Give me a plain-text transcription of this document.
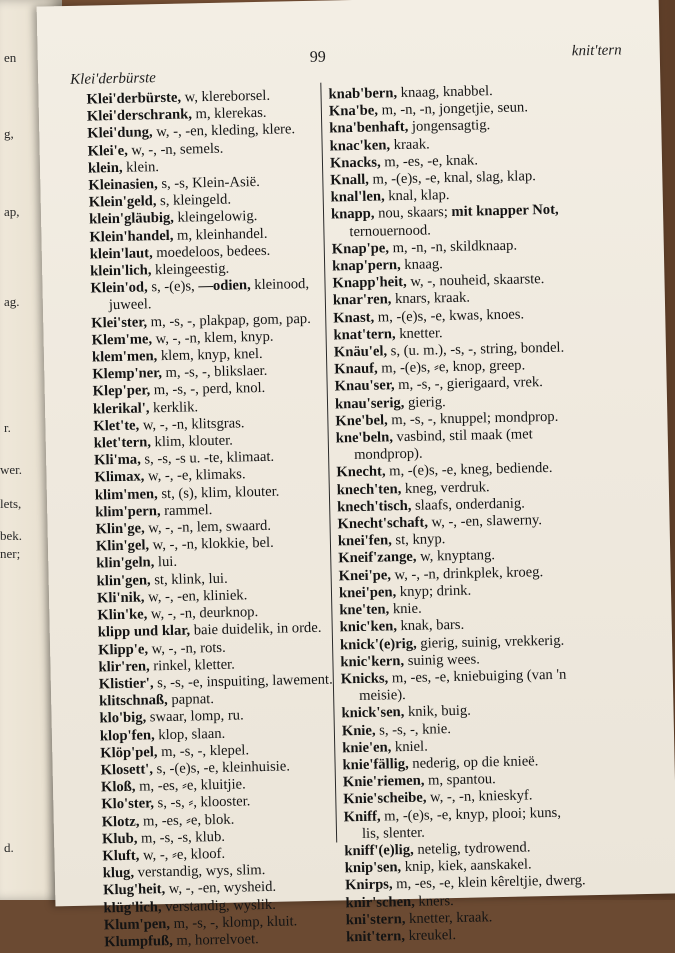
en
g,
ap,
ag.
r.
wer.
lets,
bek.
ner;
d.
99
Klei'derbürste
knit'tern
Klei'derbürste, w, klereborsel.
Klei'derschrank, m, klerekas.
Klei'dung, w, -, -en, kleding, klere.
Klei'e, w, -, -n, semels.
klein, klein.
Kleinasien, s, -s, Klein-Asië.
Klein'geld, s, kleingeld.
klein'gläubig, kleingelowig.
Klein'handel, m, kleinhandel.
klein'laut, moedeloos, bedees.
klein'lich, kleingeestig.
Klein'od, s, -(e)s, —odien, kleinood,
juweel.
Klei'ster, m, -s, -, plakpap, gom, pap.
Klem'me, w, -, -n, klem, knyp.
klem'men, klem, knyp, knel.
Klemp'ner, m, -s, -, blikslaer.
Klep'per, m, -s, -, perd, knol.
klerikal', kerklik.
Klet'te, w, -, -n, klitsgras.
klet'tern, klim, klouter.
Kli'ma, s, -s, -s u. -te, klimaat.
Klimax, w, -, -e, klimaks.
klim'men, st, (s), klim, klouter.
klim'pern, rammel.
Klin'ge, w, -, -n, lem, swaard.
Klin'gel, w, -, -n, klokkie, bel.
klin'geln, lui.
klin'gen, st, klink, lui.
Kli'nik, w, -, -en, kliniek.
Klin'ke, w, -, -n, deurknop.
klipp und klar, baie duidelik, in orde.
Klipp'e, w, -, -n, rots.
klir'ren, rinkel, kletter.
Klistier', s, -s, -e, inspuiting, lawement.
klitschnaß, papnat.
klo'big, swaar, lomp, ru.
klop'fen, klop, slaan.
Klöp'pel, m, -s, -, klepel.
Klosett', s, -(e)s, -e, kleinhuisie.
Kloß, m, -es, ⸗e, kluitjie.
Klo'ster, s, -s, ⸗, klooster.
Klotz, m, -es, ⸗e, blok.
Klub, m, -s, -s, klub.
Kluft, w, -, ⸗e, kloof.
klug, verstandig, wys, slim.
Klug'heit, w, -, -en, wysheid.
klüg'lich, verstandig, wyslik.
Klum'pen, m, -s, -, klomp, kluit.
Klumpfuß, m, horrelvoet.
knab'bern, knaag, knabbel.
Kna'be, m, -n, -n, jongetjie, seun.
kna'benhaft, jongensagtig.
knac'ken, kraak.
Knacks, m, -es, -e, knak.
Knall, m, -(e)s, -e, knal, slag, klap.
knal'len, knal, klap.
knapp, nou, skaars; mit knapper Not,
ternouernood.
Knap'pe, m, -n, -n, skildknaap.
knap'pern, knaag.
Knapp'heit, w, -, nouheid, skaarste.
knar'ren, knars, kraak.
Knast, m, -(e)s, -e, kwas, knoes.
knat'tern, knetter.
Knäu'el, s, (u. m.), -s, -, string, bondel.
Knauf, m, -(e)s, ⸗e, knop, greep.
Knau'ser, m, -s, -, gierigaard, vrek.
knau'serig, gierig.
Kne'bel, m, -s, -, knuppel; mondprop.
kne'beln, vasbind, stil maak (met
mondprop).
Knecht, m, -(e)s, -e, kneg, bediende.
knech'ten, kneg, verdruk.
knech'tisch, slaafs, onderdanig.
Knecht'schaft, w, -, -en, slawerny.
knei'fen, st, knyp.
Kneif'zange, w, knyptang.
Knei'pe, w, -, -n, drinkplek, kroeg.
knei'pen, knyp; drink.
kne'ten, knie.
knic'ken, knak, bars.
knick'(e)rig, gierig, suinig, vrekkerig.
knic'kern, suinig wees.
Knicks, m, -es, -e, kniebuiging (van 'n
meisie).
knick'sen, knik, buig.
Knie, s, -s, -, knie.
knie'en, kniel.
knie'fällig, nederig, op die knieë.
Knie'riemen, m, spantou.
Knie'scheibe, w, -, -n, knieskyf.
Kniff, m, -(e)s, -e, knyp, plooi; kuns,
lis, slenter.
kniff'(e)lig, netelig, tydrowend.
knip'sen, knip, kiek, aanskakel.
Knirps, m, -es, -e, klein kêreltjie, dwerg.
knir'schen, kners.
kni'stern, knetter, kraak.
knit'tern, kreukel.
